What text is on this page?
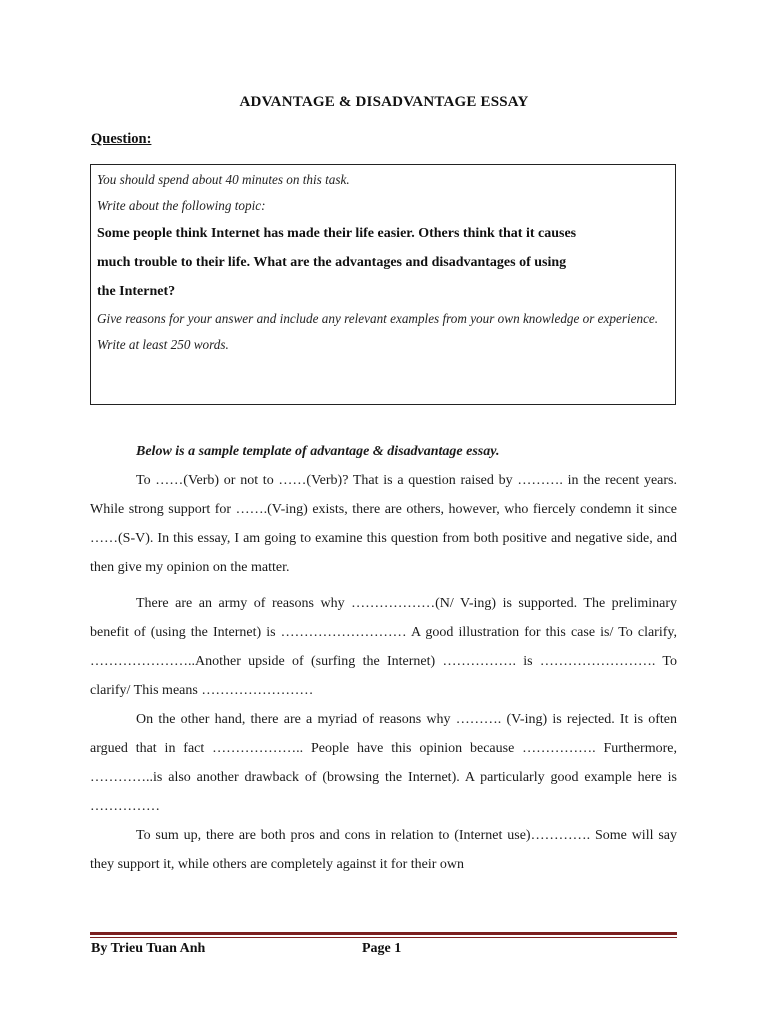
ADVANTAGE & DISADVANTAGE ESSAY
Question:
You should spend about 40 minutes on this task.
Write about the following topic:
Some people think Internet has made their life easier. Others think that it causes
much trouble to their life. What are the advantages and disadvantages of using
the Internet?
Give reasons for your answer and include any relevant examples from your own knowledge or experience.
Write at least 250 words.

Below is a sample template of advantage & disadvantage essay.

To ……(Verb) or not to ……(Verb)? That is a question raised by ………. in the recent years. While strong support for …….(V-ing) exists, there are others, however, who fiercely condemn it since ……(S-V). In this essay, I am going to examine this question from both positive and negative side, and then give my opinion on the matter.

There are an army of reasons why ………………(N/ V-ing) is supported. The preliminary benefit of (using the Internet) is ……………………… A good illustration for this case is/ To clarify, …………………..Another upside of (surfing the Internet) ……………. is ……………………. To clarify/ This means ……………………

On the other hand, there are a myriad of reasons why ………. (V-ing) is rejected. It is often argued that in fact ……………….. People have this opinion because ……………. Furthermore, …………..is also another drawback of (browsing the Internet). A particularly good example here is ……………

To sum up, there are both pros and cons in relation to (Internet use)…………. Some will say they support it, while others are completely against it for their own

By Trieu Tuan Anh	Page 1
